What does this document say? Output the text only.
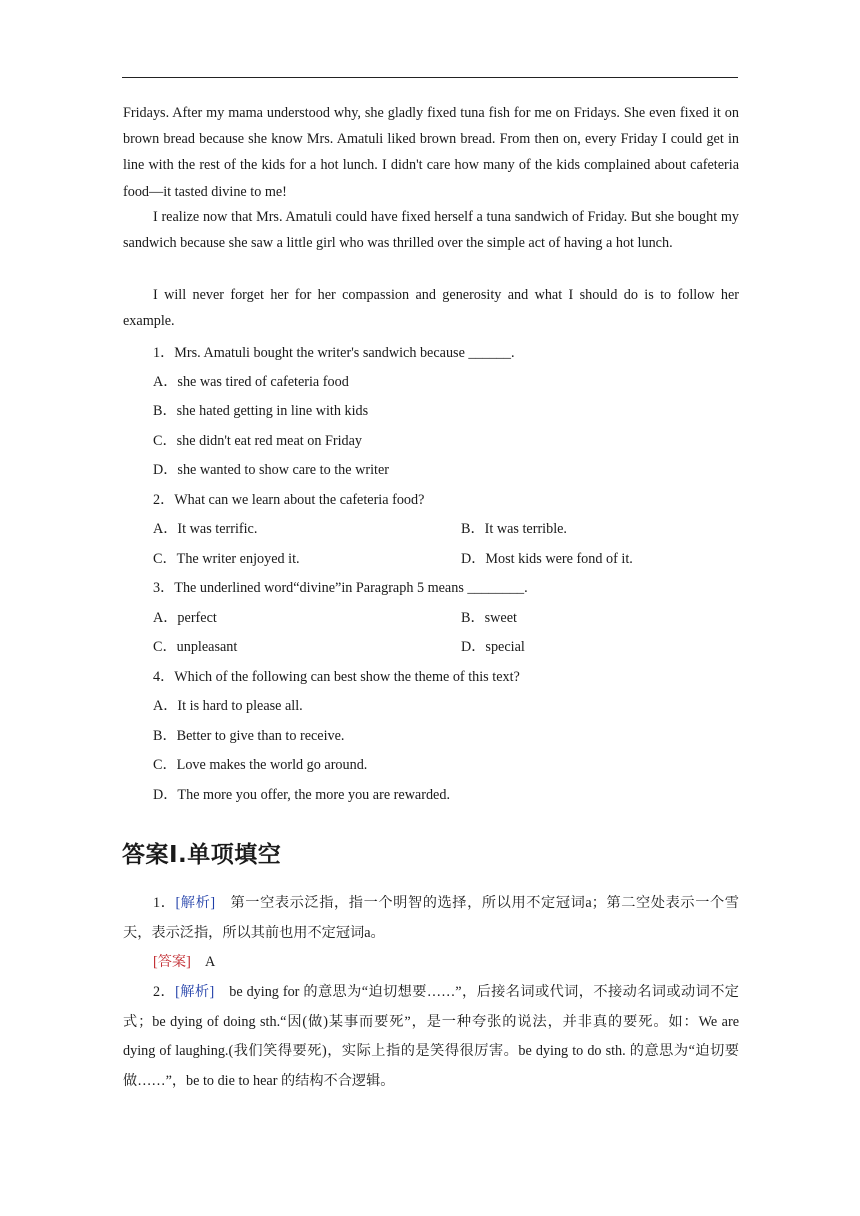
Fridays. After my mama understood why, she gladly fixed tuna fish for me on Fridays. She even fixed it on brown bread because she know Mrs. Amatuli liked brown bread. From then on, every Friday I could get in line with the rest of the kids for a hot lunch. I didn't care how many of the kids complained about cafeteria food—it tasted divine to me!

I realize now that Mrs. Amatuli could have fixed herself a tuna sandwich of Friday. But she bought my sandwich because she saw a little girl who was thrilled over the simple act of having a hot lunch.

I will never forget her for her compassion and generosity and what I should do is to follow her example.

1．Mrs. Amatuli bought the writer's sandwich because ______.

A．she was tired of cafeteria food

B．she hated getting in line with kids

C．she didn't eat red meat on Friday

D．she wanted to show care to the writer

2．What can we learn about the cafeteria food?

A．It was terrific.	B．It was terrible.

C．The writer enjoyed it.	D．Most kids were fond of it.

3．The underlined word“divine”in Paragraph 5 means ________.

A．perfect	B．sweet

C．unpleasant	D．special

4．Which of the following can best show the theme of this text?

A．It is hard to please all.

B．Better to give than to receive.

C．Love makes the world go around.

D．The more you offer, the more you are rewarded.

答案Ⅰ.单项填空

1．[解析]　第一空表示泛指，指一个明智的选择，所以用不定冠词a；第二空处表示一个雪天，表示泛指，所以其前也用不定冠词a。

[答案]　A

2．[解析]　be dying for 的意思为“迫切想要……”，后接名词或代词，不接动名词或动词不定式；be dying of doing sth.“因(做)某事而要死”，是一种夸张的说法，并非真的要死。如：We are dying of laughing.(我们笑得要死)，实际上指的是笑得很厉害。be dying to do sth. 的意思为“迫切要做……”，be to die to hear 的结构不合逻辑。
